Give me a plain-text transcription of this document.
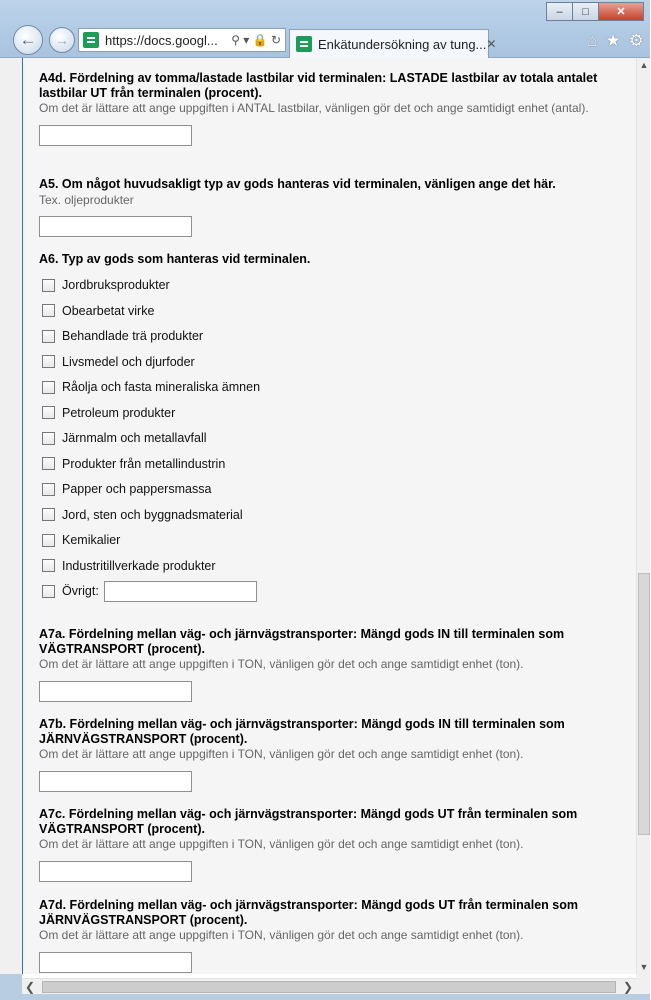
‒	□	✕
← →	https://docs.googl...	⚲ ▾ 🔒 ↻	Enkätundersökning av tung... ✕	⌂ ★ ⚙
A4d. Fördelning av tomma/lastade lastbilar vid terminalen: LASTADE lastbilar av totala antalet lastbilar UT från terminalen (procent).
Om det är lättare att ange uppgiften i ANTAL lastbilar, vänligen gör det och ange samtidigt enhet (antal).
A5. Om något huvudsakligt typ av gods hanteras vid terminalen, vänligen ange det här.
Tex. oljeprodukter
A6. Typ av gods som hanteras vid terminalen.
Jordbruksprodukter
Obearbetat virke
Behandlade trä produkter
Livsmedel och djurfoder
Råolja och fasta mineraliska ämnen
Petroleum produkter
Järnmalm och metallavfall
Produkter från metallindustrin
Papper och pappersmassa
Jord, sten och byggnadsmaterial
Kemikalier
Industritillverkade produkter
Övrigt:
A7a. Fördelning mellan väg- och järnvägstransporter: Mängd gods IN till terminalen som VÄGTRANSPORT (procent).
Om det är lättare att ange uppgiften i TON, vänligen gör det och ange samtidigt enhet (ton).
A7b. Fördelning mellan väg- och järnvägstransporter: Mängd gods IN till terminalen som JÄRNVÄGSTRANSPORT (procent).
Om det är lättare att ange uppgiften i TON, vänligen gör det och ange samtidigt enhet (ton).
A7c. Fördelning mellan väg- och järnvägstransporter: Mängd gods UT från terminalen som VÄGTRANSPORT (procent).
Om det är lättare att ange uppgiften i TON, vänligen gör det och ange samtidigt enhet (ton).
A7d. Fördelning mellan väg- och järnvägstransporter: Mängd gods UT från terminalen som JÄRNVÄGSTRANSPORT (procent).
Om det är lättare att ange uppgiften i TON, vänligen gör det och ange samtidigt enhet (ton).
▲
▼
❮	❯
